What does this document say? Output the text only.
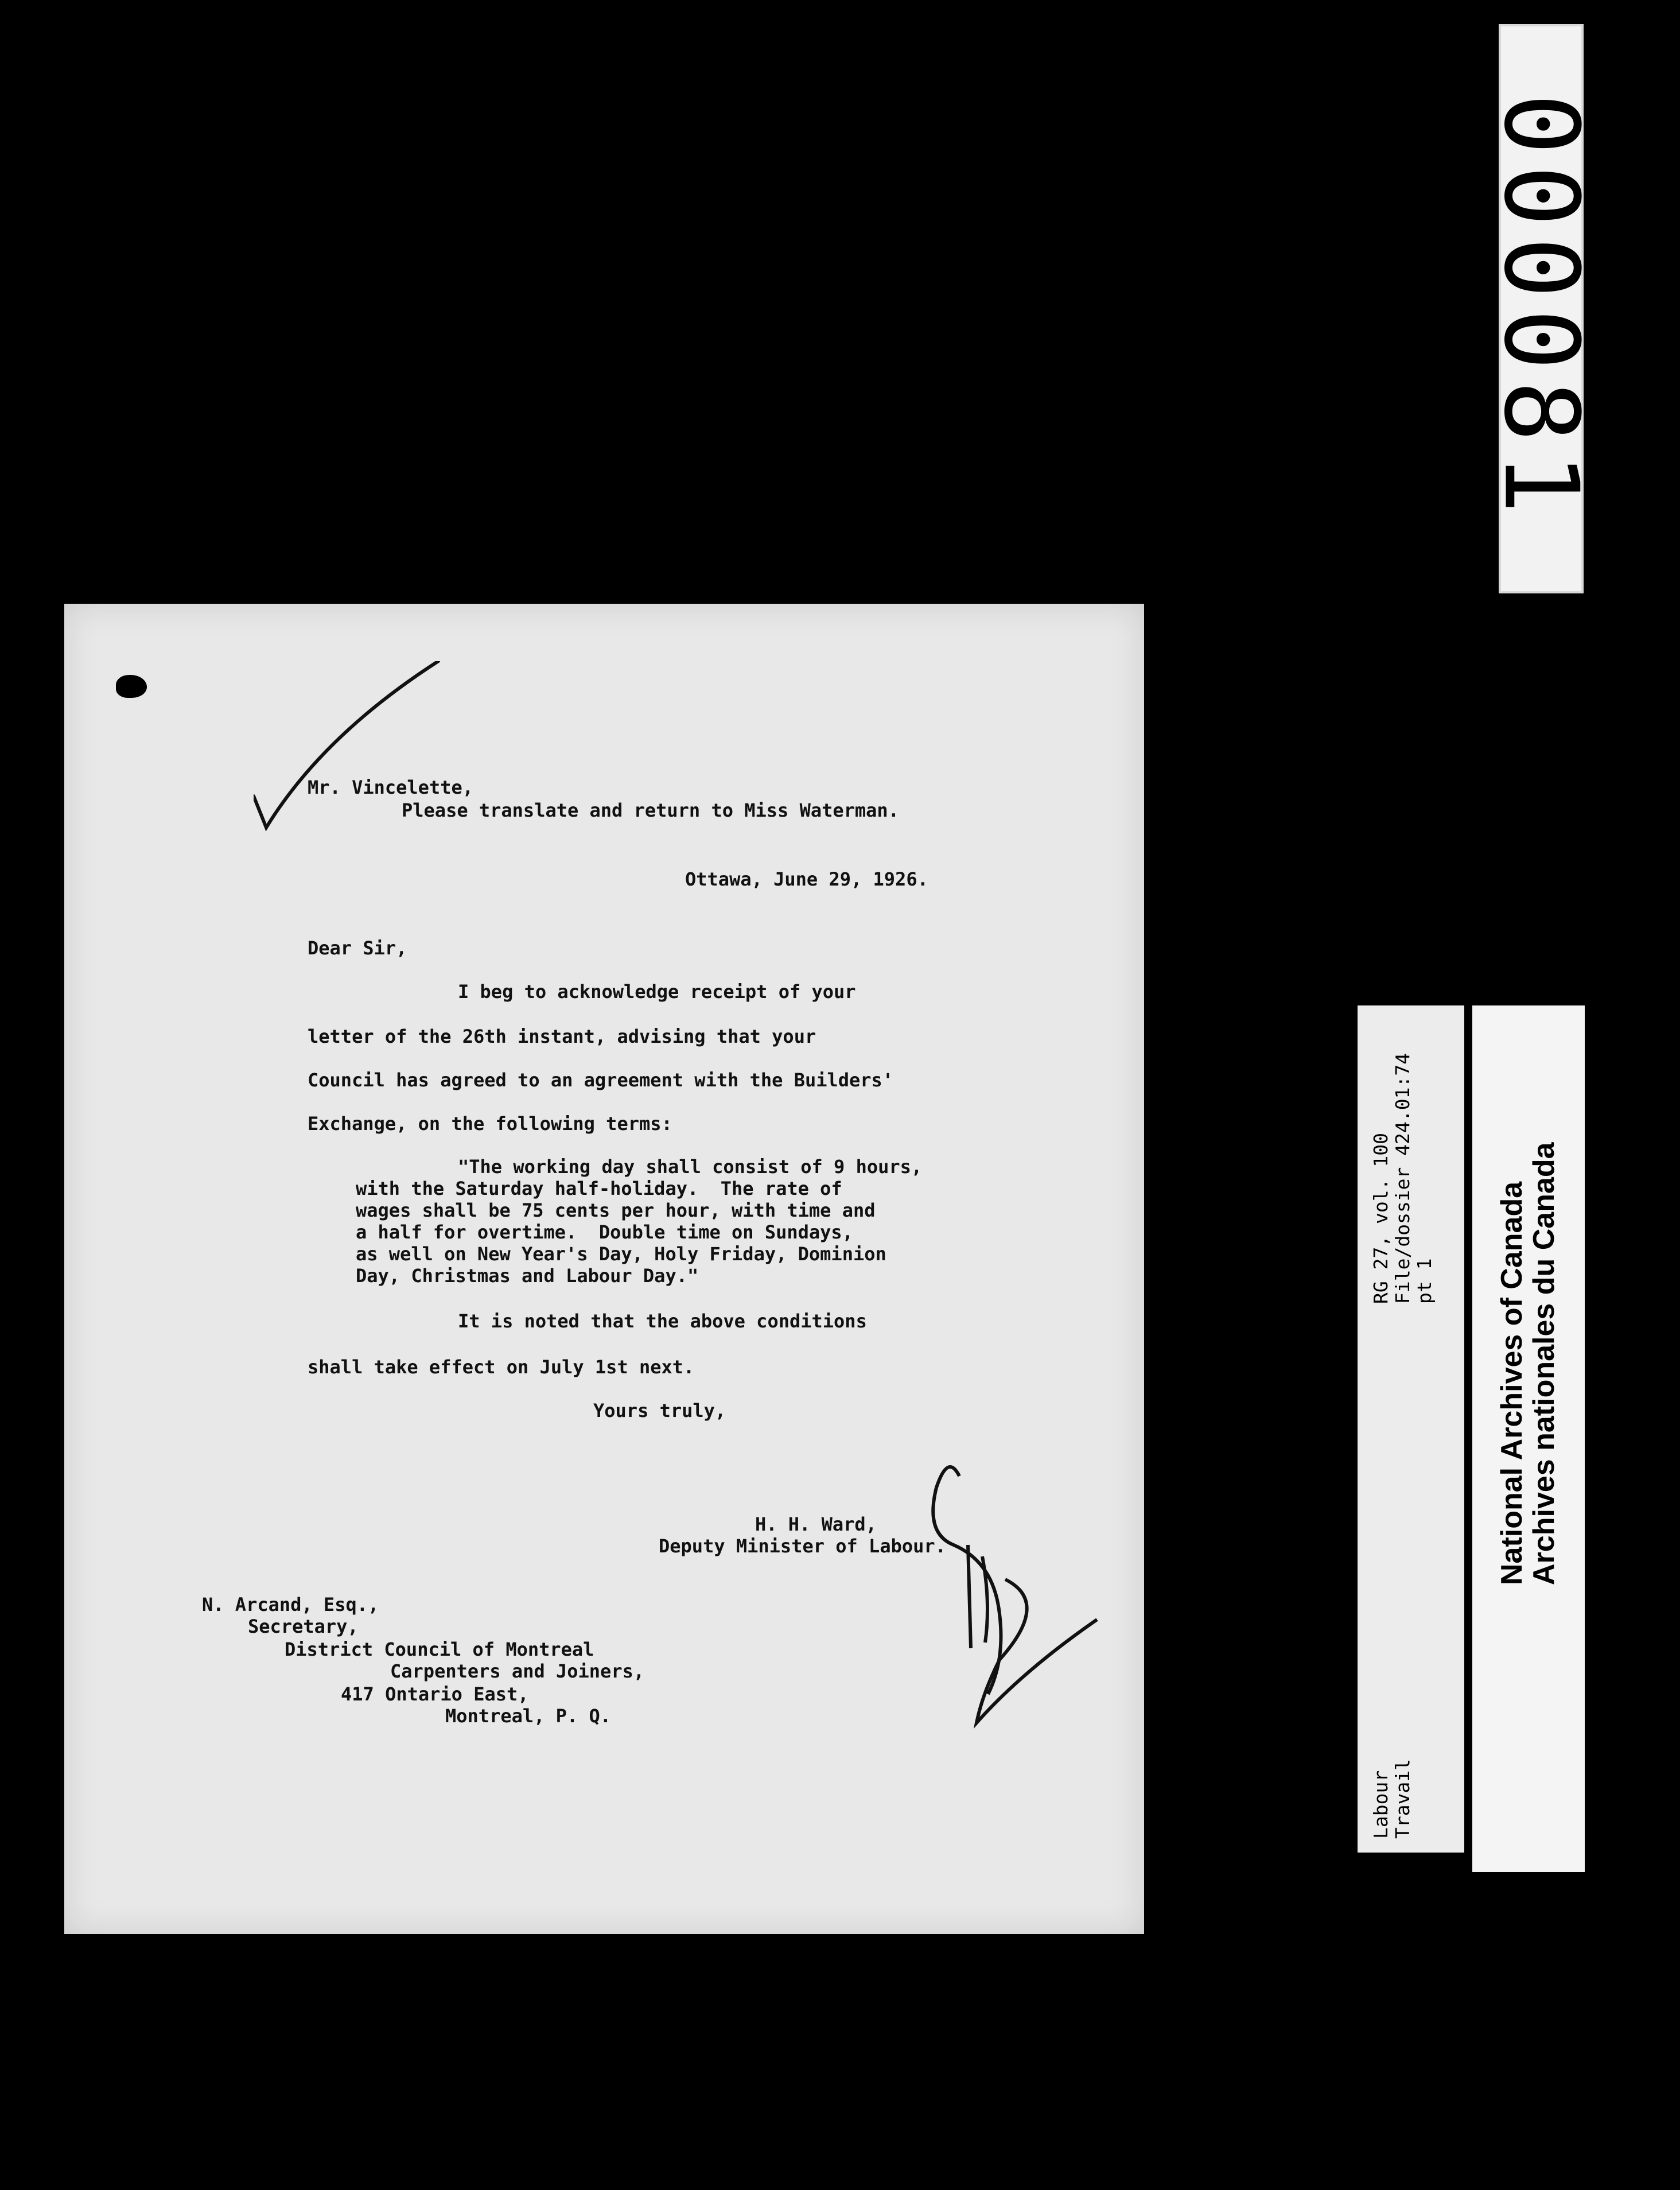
000081
Mr. Vincelette,
Please translate and return to Miss Waterman.
Ottawa, June 29, 1926.
Dear Sir,
I beg to acknowledge receipt of your
letter of the 26th instant, advising that your
Council has agreed to an agreement with the Builders'
Exchange, on the following terms:
"The working day shall consist of 9 hours,
with the Saturday half-holiday.  The rate of
wages shall be 75 cents per hour, with time and
a half for overtime.  Double time on Sundays,
as well on New Year's Day, Holy Friday, Dominion
Day, Christmas and Labour Day."
It is noted that the above conditions
shall take effect on July 1st next.
Yours truly,
H. H. Ward,
Deputy Minister of Labour.
N. Arcand, Esq.,
Secretary,
District Council of Montreal
Carpenters and Joiners,
417 Ontario East,
Montreal, P. Q.
RG 27, vol. 100 File/dossier 424.01:74 pt 1
Labour Travail
National Archives of Canada
Archives nationales du Canada
